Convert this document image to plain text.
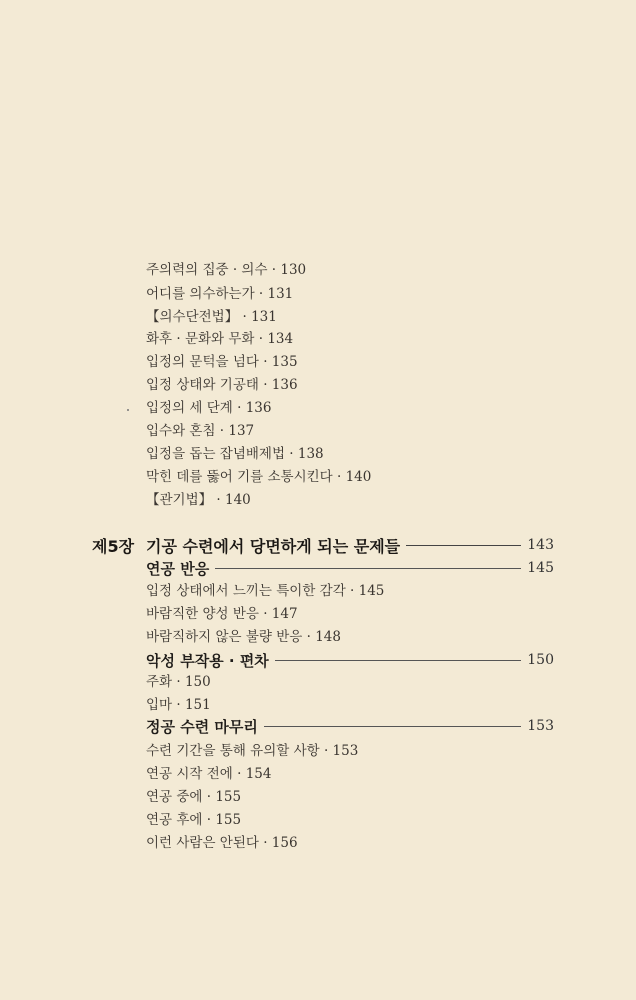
주의력의 집중 · 의수 · 130
어디를 의수하는가 · 131
【의수단전법】 · 131
화후 · 문화와 무화 · 134
입정의 문턱을 넘다 · 135
입정 상태와 기공태 · 136
입정의 세 단계 · 136
입수와 혼침 · 137
입정을 돕는 잡념배제법 · 138
막힌 데를 뚫어 기를 소통시킨다 · 140
【관기법】 · 140
제5장 기공 수련에서 당면하게 되는 문제들	143
연공 반응	145
입정 상태에서 느끼는 특이한 감각 · 145
바람직한 양성 반응 · 147
바람직하지 않은 불량 반응 · 148
악성 부작용 · 편차	150
주화 · 150
입마 · 151
정공 수련 마무리	153
수련 기간을 통해 유의할 사항 · 153
연공 시작 전에 · 154
연공 중에 · 155
연공 후에 · 155
이런 사람은 안된다 · 156
